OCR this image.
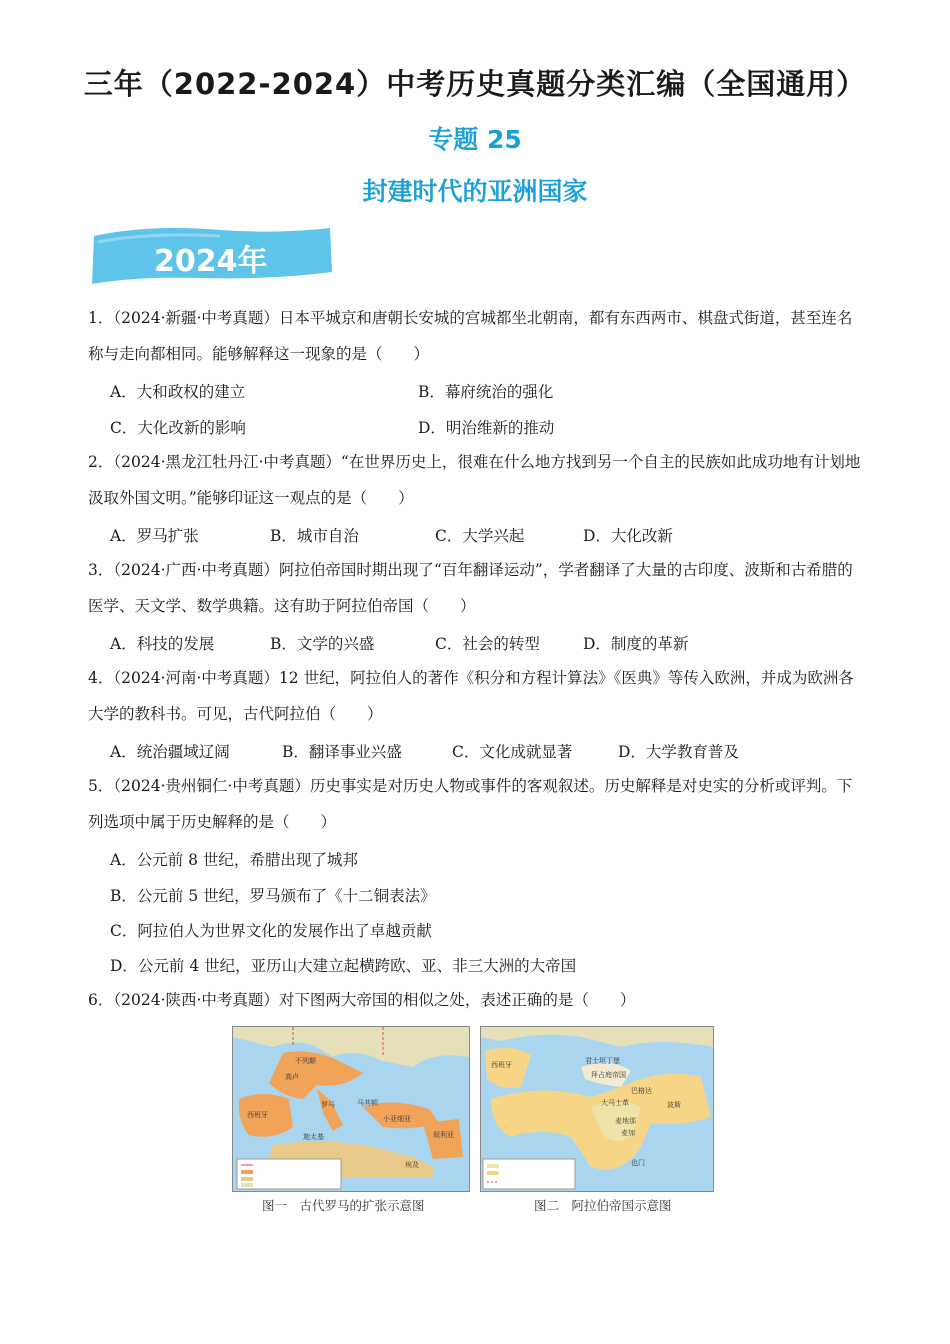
三年（2022-2024）中考历史真题分类汇编（全国通用）
专题 25
封建时代的亚洲国家
2024年
1．（2024·新疆·中考真题）日本平城京和唐朝长安城的宫城都坐北朝南，都有东西两市、棋盘式街道，甚至连名称与走向都相同。能够解释这一现象的是（　　）
A．大和政权的建立	B．幕府统治的强化
C．大化改新的影响	D．明治维新的推动
2．（2024·黑龙江牡丹江·中考真题）“在世界历史上，很难在什么地方找到另一个自主的民族如此成功地有计划地汲取外国文明。”能够印证这一观点的是（　　）
A．罗马扩张	B．城市自治	C．大学兴起	D．大化改新
3．（2024·广西·中考真题）阿拉伯帝国时期出现了“百年翻译运动”，学者翻译了大量的古印度、波斯和古希腊的医学、天文学、数学典籍。这有助于阿拉伯帝国（　　）
A．科技的发展	B．文学的兴盛	C．社会的转型	D．制度的革新
4．（2024·河南·中考真题）12 世纪，阿拉伯人的著作《积分和方程计算法》《医典》等传入欧洲，并成为欧洲各大学的教科书。可见，古代阿拉伯（　　）
A．统治疆域辽阔	B．翻译事业兴盛	C．文化成就显著	D．大学教育普及
5．（2024·贵州铜仁·中考真题）历史事实是对历史人物或事件的客观叙述。历史解释是对史实的分析或评判。下列选项中属于历史解释的是（　　）
A．公元前 8 世纪，希腊出现了城邦
B．公元前 5 世纪，罗马颁布了《十二铜表法》
C．阿拉伯人为世界文化的发展作出了卓越贡献
D．公元前 4 世纪，亚历山大建立起横跨欧、亚、非三大洲的大帝国
6．（2024·陕西·中考真题）对下图两大帝国的相似之处，表述正确的是（　　）
不列颠 高卢 西班牙 罗马 迦太基 马其顿 小亚细亚 叙利亚 埃及
西班牙	君士坦丁堡 拜占庭帝国 巴格达 大马士革 麦加 麦地那 也门 波斯
图一　古代罗马的扩张示意图	图二　阿拉伯帝国示意图
